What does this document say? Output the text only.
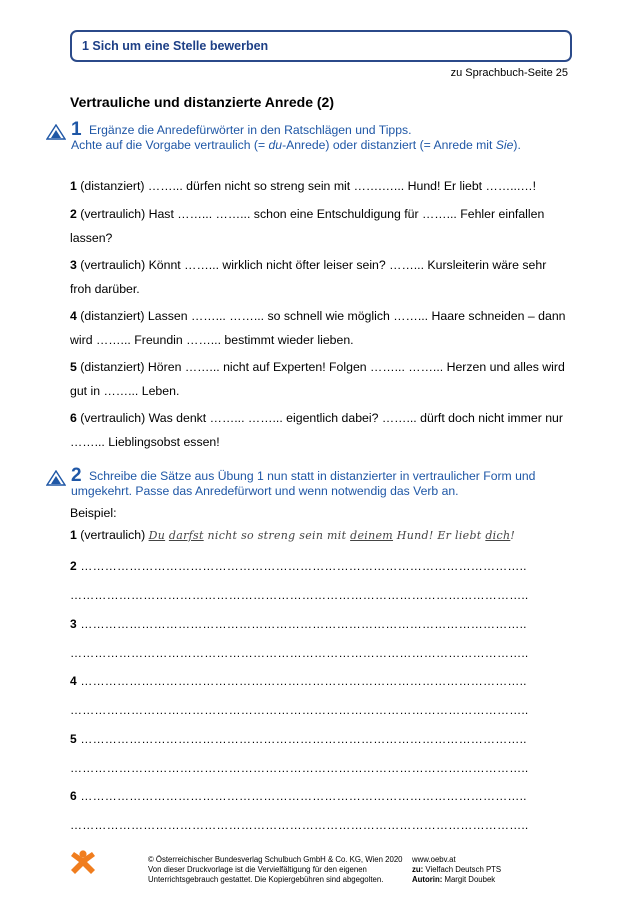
1 Sich um eine Stelle bewerben
zu Sprachbuch-Seite 25
Vertrauliche und distanzierte Anrede (2)
1 Ergänze die Anredefürwörter in den Ratschlägen und Tipps.
Achte auf die Vorgabe vertraulich (= du-Anrede) oder distanziert (= Anrede mit Sie).
1 (distanziert) ……... dürfen nicht so streng sein mit …….…... Hund! Er liebt ……...…!
2 (vertraulich) Hast ……... ……... schon eine Entschuldigung für ……... Fehler einfallen lassen?
3 (vertraulich) Könnt ……... wirklich nicht öfter leiser sein? ……... Kursleiterin wäre sehr froh darüber.
4 (distanziert) Lassen ……... ……... so schnell wie möglich ……... Haare schneiden – dann wird ……... Freundin ……... bestimmt wieder lieben.
5 (distanziert) Hören ……... nicht auf Experten! Folgen ……... ……... Herzen und alles wird gut in ……... Leben.
6 (vertraulich) Was denkt ……... ……... eigentlich dabei? ……... dürft doch nicht immer nur ……... Lieblingsobst essen!
2 Schreibe die Sätze aus Übung 1 nun statt in distanzierter in vertraulicher Form und
umgekehrt. Passe das Anredefürwort und wenn notwendig das Verb an.
Beispiel:
1 (vertraulich) Du darfst nicht so streng sein mit deinem Hund! Er liebt dich!
2 ………………………………………………………………………………………………..
…………………………………………………………………………………………………..
3 ………………………………………………………………………………………………..
…………………………………………………………………………………………………..
4 ………………………………………………………………………………………………..
…………………………………………………………………………………………………..
5 ………………………………………………………………………………………………..
…………………………………………………………………………………………………..
6 ………………………………………………………………………………………………..
…………………………………………………………………………………………………..
© Österreichischer Bundesverlag Schulbuch GmbH & Co. KG, Wien 2020
Von dieser Druckvorlage ist die Vervielfältigung für den eigenen
Unterrichtsgebrauch gestattet. Die Kopiergebühren sind abgegolten.
www.oebv.at
zu: Vielfach Deutsch PTS
Autorin: Margit Doubek
